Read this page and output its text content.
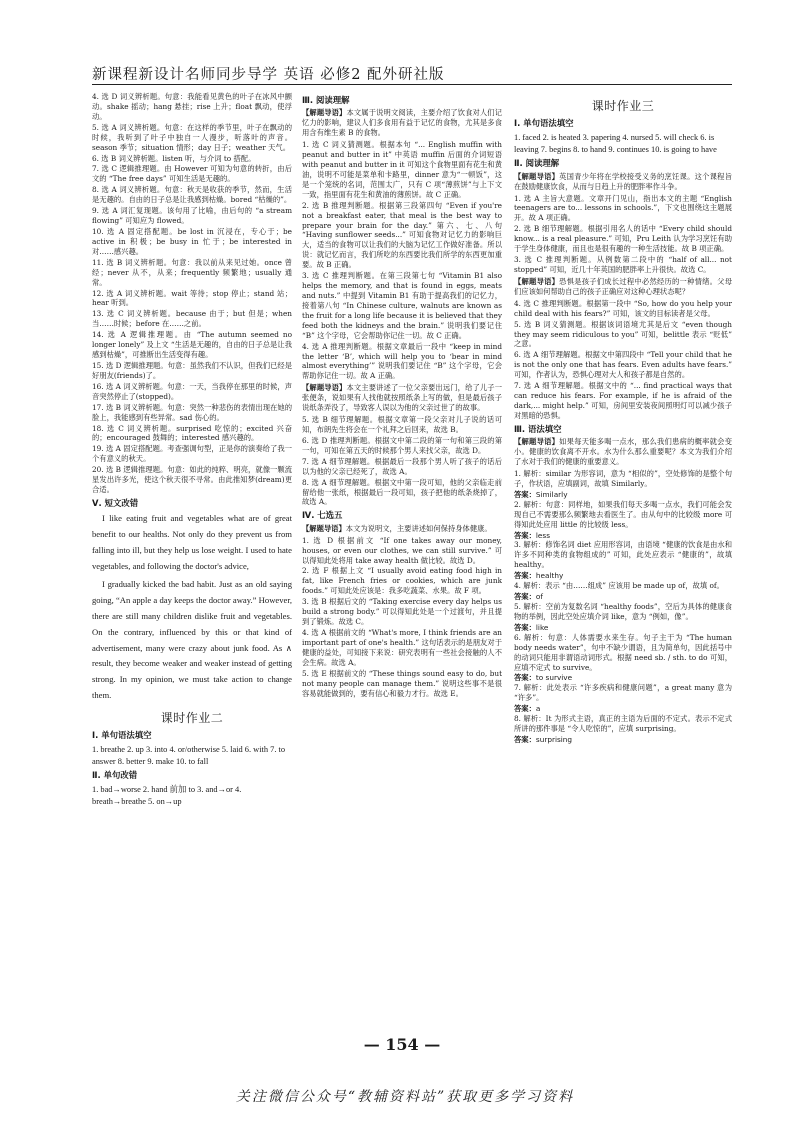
新课程新设计名师同步导学 英语 必修2 配外研社版
4. 选 D 词义辨析题。句意：我能看见黄色的叶子在冰风中颤动。shake 摇动；hang 悬挂；rise 上升；float 飘动，使浮动。
5. 选 A 词义辨析题。句意：在这样的季节里，叶子在飘动的时候，我听到了叶子中独自一人漫步，听落叶的声音。season 季节；situation 情形；day 日子；weather 天气。
6. 选 B 词义辨析题。listen 听，与介词 to 搭配。
7. 选 C 逻辑推理题。由 However 可知为句意的转折，由后文的 “The free days” 可知生活是无趣的。
8. 选 A 词义辨析题。句意：秋天是收获的季节，然而，生活是无趣的。自由的日子总是让我感到枯燥。bored “枯燥的”。
9. 选 A 词汇复现题。该句用了比喻，由后句的 “a stream flowing” 可知应为 flowed。
10. 选 A 固定搭配题。be lost in 沉浸在，专心于；be active in 积极；be busy in 忙于；be interested in 对……感兴趣。
11. 选 B 词义辨析题。句意：我以前从来见过她。once 曾经；never 从不，从来；frequently 频繁地；usually 通常。
12. 选 A 词义辨析题。wait 等待；stop 停止；stand 站；hear 听到。
13. 选 C 词义辨析题。because 由于；but 但是；when 当……时候；before 在……之前。
14. 选 A 逻辑推理题。由 “The autumn seemed no longer lonely” 及上文 “生活是无趣的，自由的日子总是让我感到枯燥”，可推断出生活变得有趣。
15. 选 D 逻辑推理题。句意：虽然我们不认识，但我们已经是好朋友(friends)了。
16. 选 A 词义辨析题。句意：一天，当我停在那里的时候，声音突然停止了(stopped)。
17. 选 B 词义辨析题。句意：突然一种悲伤的表情出现在她的脸上，我能感到有些异常。sad 伤心的。
18. 选 C 词义辨析题。surprised 吃惊的；excited 兴奋的；encouraged 鼓舞的；interested 感兴趣的。
19. 选 A 固定搭配题。考查强调句型，正是你的演奏给了我一个有意义的秋天。
20. 选 B 逻辑推理题。句意：如此的纯粹、明亮，就像一颗流星发出许多光，使这个秋天很不寻常。由此推知梦(dream)更合适。
Ⅴ. 短文改错

I like eating fruit and vegetables what are of great benefit to our healths. Not only do they prevent us from falling into ill, but they help us lose weight. I used to hate vegetables, and following the doctor's advice,

I gradually kicked the bad habit. Just as an old saying going, “An apple a day keeps the doctor away.” However, there are still many children dislike fruit and vegetables. On the contrary, influenced by this or that kind of advertisement, many were crazy about junk food. As ∧ result, they become weaker and weaker instead of getting strong. In my opinion, we must take action to change them.

课时作业二
Ⅰ. 单句语法填空
1. breathe 2. up 3. into 4. or/otherwise 5. laid 6. with 7. to answer 8. better 9. make 10. to fall
Ⅱ. 单句改错
1. bad→worse 2. hand 前加 to 3. and→or 4. breath→breathe 5. on→up
Ⅲ. 阅读理解
【解题导语】本文属于说明文阅读，主要介绍了饮食对人们记忆力的影响，建议人们多食用有益于记忆的食物，尤其是多食用含有维生素 B 的食物。
1. 选 C 词义猜测题。根据本句 “... English muffin with peanut and butter in it” 中英语 muffin 后面的介词短语 with peanut and butter in it 可知这个食物里面有花生和黄油，说明不可能是菜单和卡路里，dinner 意为“一顿饭”，这是一个笼统的名词，范围太广，只有 C 项“薄煎饼”与上下文一致，指里面有花生和黄油的薄煎饼。故 C 正确。
2. 选 B 推理判断题。根据第三段第四句 “Even if you're not a breakfast eater, that meal is the best way to prepare your brain for the day.” 第六、七、八句 “Having sunflower seeds...” 可知食物对记忆力的影响巨大，适当的食物可以让我们的大脑为记忆工作做好准备。所以说：就记忆而言，我们所吃的东西要比我们所学的东西更加重要。故 B 正确。
3. 选 C 推理判断题。在第三段第七句 “Vitamin B1 also helps the memory, and that is found in eggs, meats and nuts.” 中提到 Vitamin B1 有助于提高我们的记忆力，接着第八句 “In Chinese culture, walnuts are known as the fruit for a long life because it is believed that they feed both the kidneys and the brain.” 说明我们要记住 “B” 这个字母，它会帮助你记住一切。故 C 正确。
4. 选 A 推理判断题。根据文章最后一段中 “keep in mind the letter ‘B’, which will help you to ‘bear in mind almost everything’” 说明我们要记住 “B” 这个字母，它会帮助你记住一切。故 A 正确。
【解题导语】本文主要讲述了一位父亲要出远门，给了儿子一张便条，说如果有人找他就按照纸条上写的做，但是最后孩子说纸条弄没了，导致客人误以为他的父亲过世了的故事。
5. 选 B 细节理解题。根据文章第一段父亲对儿子说的话可知，布朗先生将会在一个礼拜之后回来，故选 B。
6. 选 D 推理判断题。根据文中第二段的第一句和第三段的第一句，可知在第五天的时候那个男人来找父亲，故选 D。
7. 选 A 细节理解题。根据最后一段那个男人听了孩子的话后以为他的父亲已经死了，故选 A。
8. 选 A 细节理解题。根据文中第一段可知，他的父亲临走前留给他一张纸，根据最后一段可知，孩子把他的纸条烧掉了，故选 A。
Ⅳ. 七选五
【解题导语】本文为说明文，主要讲述如何保持身体健康。
1. 选 D 根据前文 “If one takes away our money, houses, or even our clothes, we can still survive.” 可以得知此处将用 take away health 做比较。故选 D。
2. 选 F 根据上文 “I usually avoid eating food high in fat, like French fries or cookies, which are junk foods.” 可知此处应该是：我多吃蔬菜、水果。故 F 项。
3. 选 B 根据后文的 “Taking exercise every day helps us build a strong body.” 可以得知此处是一个过渡句，并且提到了锻炼。故选 C。
4. 选 A 根据前文的 “What's more, I think friends are an important part of one's health.” 这句话表示的是朋友对于健康的益处，可知接下来说：研究表明有一些社会接触的人不会生病。故选 A。
5. 选 E 根据前文的 “These things sound easy to do, but not many people can manage them.” 说明这些事不是很容易就能做到的，要有信心和毅力才行。故选 E。
课时作业三
Ⅰ. 单句语法填空
1. faced 2. is heated 3. papering 4. nursed 5. will check 6. is leaving 7. begins 8. to hand 9. continues 10. is going to have
Ⅱ. 阅读理解
【解题导语】英国青少年将在学校接受义务的烹饪课。这个课程旨在鼓励健康饮食，从而与日趋上升的肥胖率作斗争。
1. 选 A 主旨大意题。文章开门见山，指出本文的主题 “English teenagers are to... lessons in schools.”，下文也围绕这主题展开。故 A 项正确。
2. 选 B 细节理解题。根据引用名人的话中 “Every child should know... is a real pleasure.” 可知，Pru Leith 认为学习烹饪有助于学生身体健康，而且也是很有趣的一种生活技能。故 B 项正确。
3. 选 C 推理判断题。从例数第二段中的 “half of all... not stopped” 可知，近几十年英国的肥胖率上升很快。故选 C。
【解题导语】恐惧是孩子们成长过程中必然经历的一种情绪。父母们应该如何帮助自己的孩子正确应对这种心理状态呢？
4. 选 C 推理判断题。根据第一段中 “So, how do you help your child deal with his fears?” 可知，该文的目标读者是父母。
5. 选 B 词义猜测题。根据该词语境尤其是后文 “even though they may seem ridiculous to you” 可知，belittle 表示 “贬低” 之意。
6. 选 A 细节理解题。根据文中第四段中 “Tell your child that he is not the only one that has fears. Even adults have fears.” 可知，作者认为，恐惧心理对大人和孩子都是自然的。
7. 选 A 细节理解题。根据文中的 “... find practical ways that can reduce his fears. For example, if he is afraid of the dark,... might help.” 可知，房间里安装夜间照明灯可以减少孩子对黑暗的恐惧。
Ⅲ. 语法填空
【解题导语】如果每天能多喝一点水，那么我们患病的概率就会变小。健康的饮食离不开水。水为什么那么重要呢？本文为我们介绍了水对于我们的健康的重要意义。
1. 解析：similar 为形容词，意为 “相似的”，空处修饰的是整个句子，作状语，应填副词，故填 Similarly。
答案：Similarly
2. 解析：句意：同样地，如果我们每天多喝一点水，我们可能会发现自己不需要那么频繁地去看医生了。由从句中的比较级 more 可得知此处应用 little 的比较级 less。
答案：less
3. 解析：修饰名词 diet 应用形容词，由语境 “健康的饮食是由水和许多不同种类的食物组成的” 可知，此处应表示 “健康的”，故填 healthy。
答案：healthy
4. 解析：表示 “由……组成” 应该用 be made up of，故填 of。
答案：of
5. 解析：空前为复数名词 “healthy foods”，空后为具体的健康食物的举例，因此空处应填介词 like，意为 “例如，像”。
答案：like
6. 解析：句意：人体需要水来生存。句子主干为 “The human body needs water”，句中不缺少谓语，且为简单句，因此括号中的动词只能用非谓语动词形式。根据 need sb. / sth. to do 可知，应填不定式 to survive。
答案：to survive
7. 解析：此处表示 “许多疾病和健康问题”，a great many 意为 “许多”。
答案：a
8. 解析：It 为形式主语，真正的主语为后面的不定式。表示不定式所讲的那件事是 “令人吃惊的”，应填 surprising。
答案：surprising
— 154 —
关注微信公众号“教辅资料站”获取更多学习资料
